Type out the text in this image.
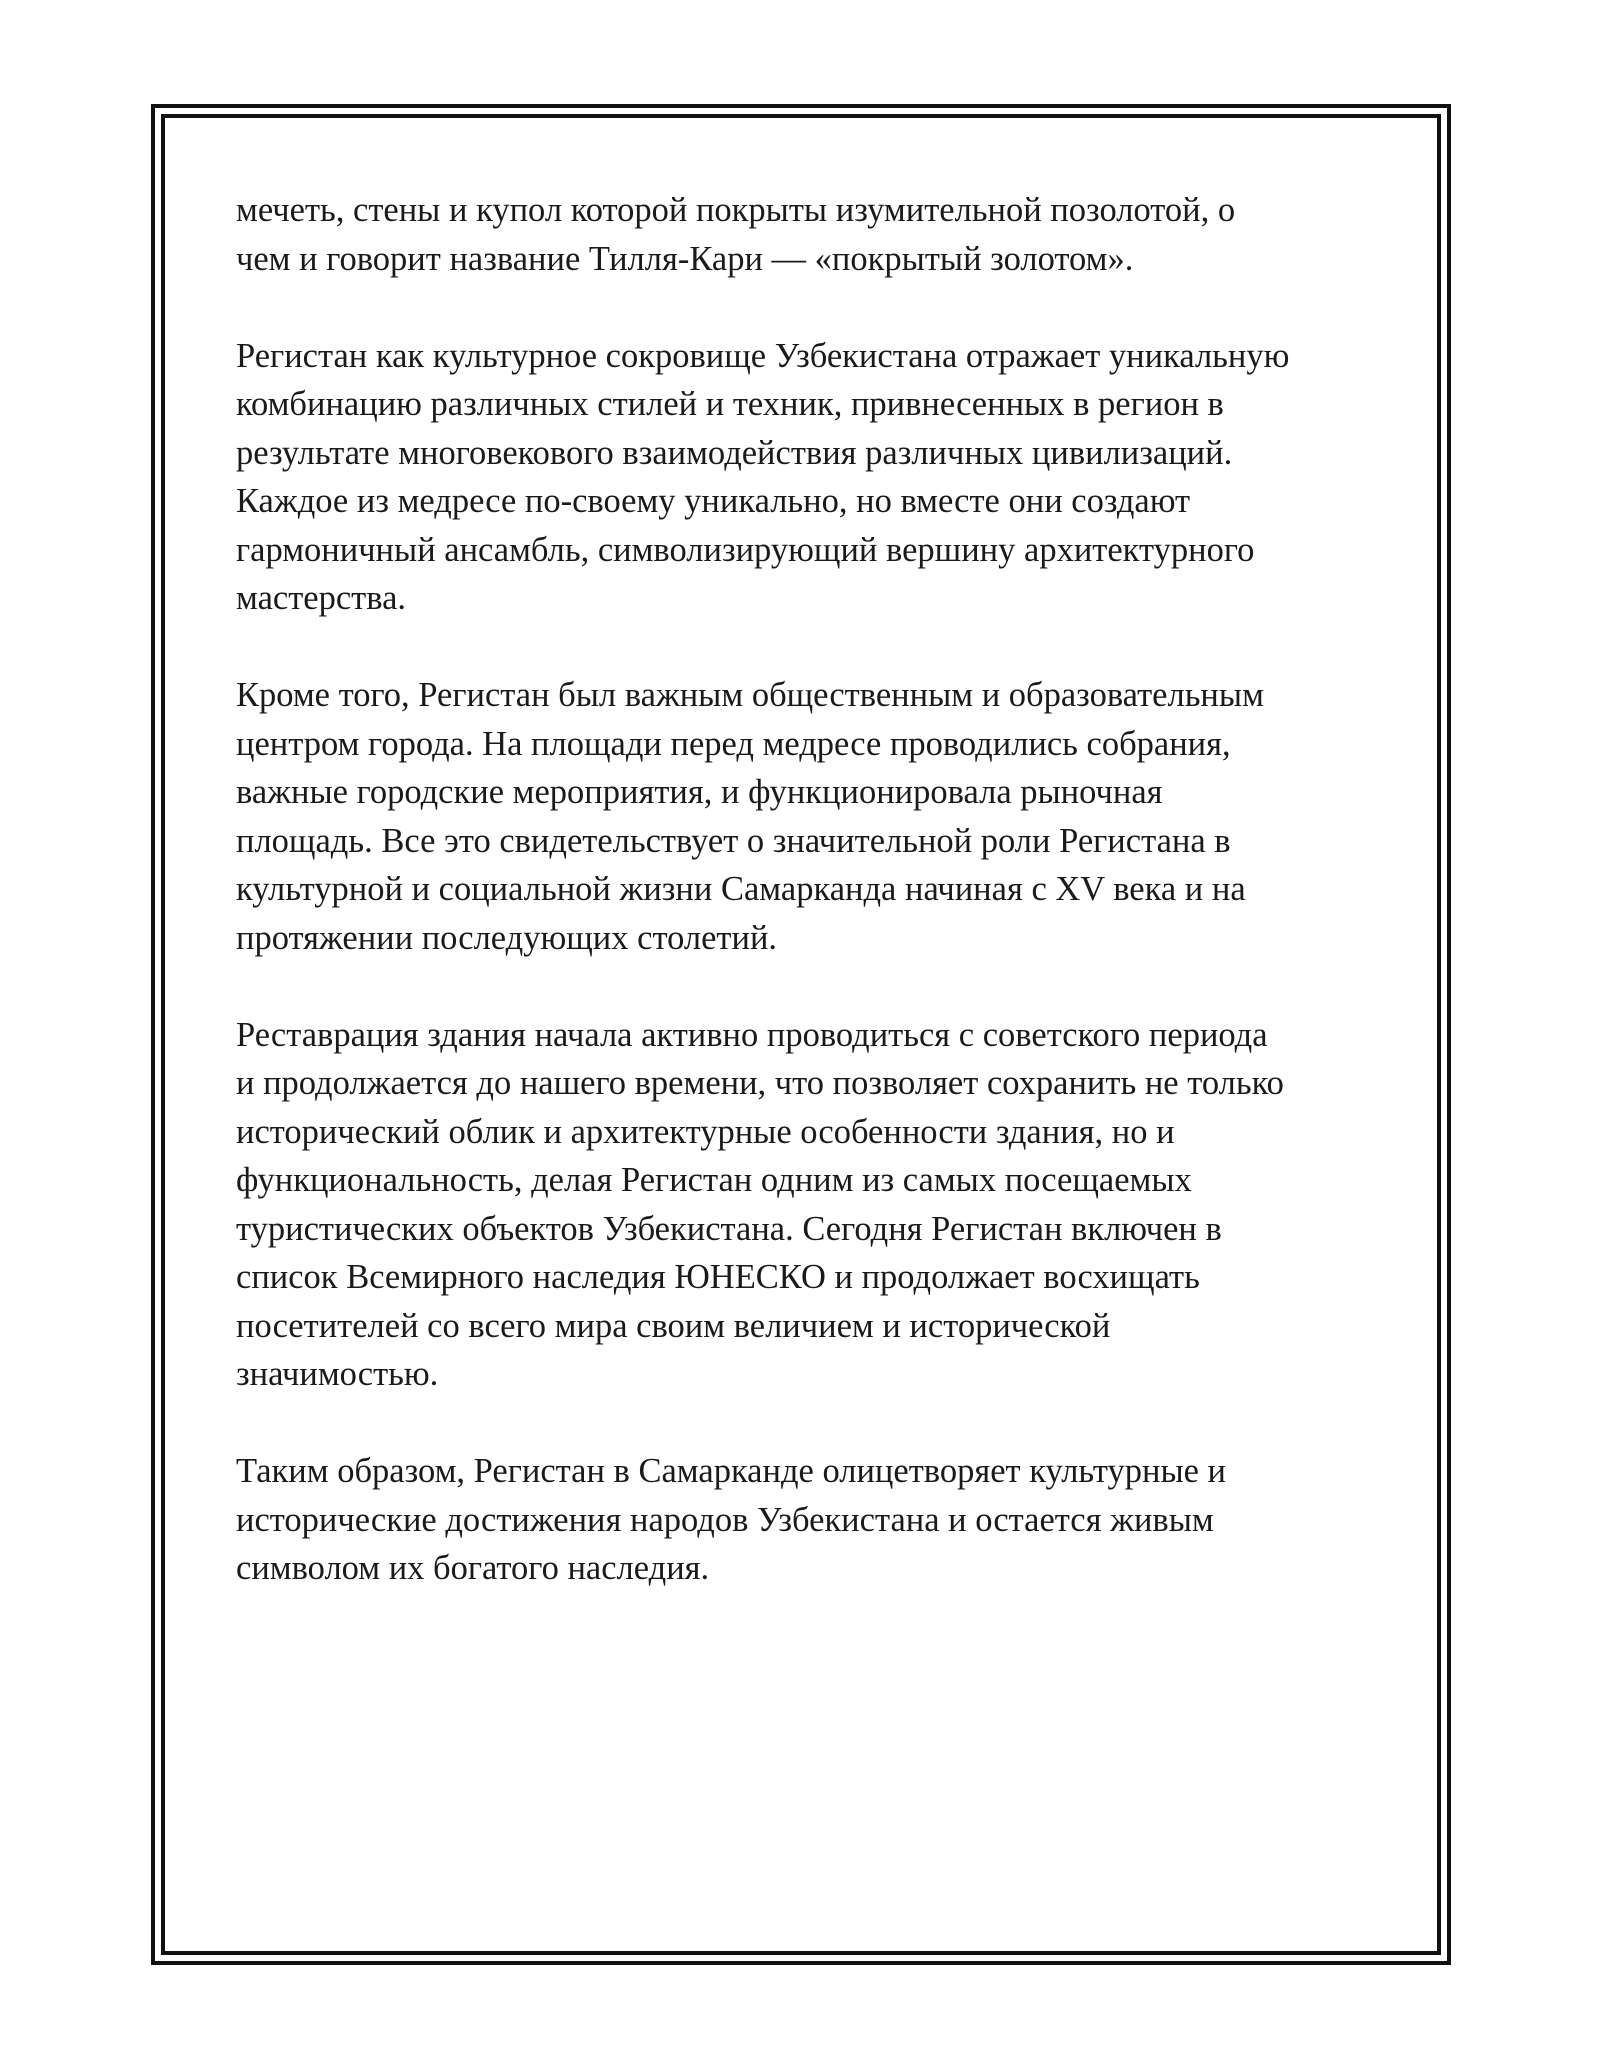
мечеть, стены и купол которой покрыты изумительной позолотой, о
чем и говорит название Тилля-Кари — «покрытый золотом».

Регистан как культурное сокровище Узбекистана отражает уникальную
комбинацию различных стилей и техник, привнесенных в регион в
результате многовекового взаимодействия различных цивилизаций.
Каждое из медресе по-своему уникально, но вместе они создают
гармоничный ансамбль, символизирующий вершину архитектурного
мастерства.

Кроме того, Регистан был важным общественным и образовательным
центром города. На площади перед медресе проводились собрания,
важные городские мероприятия, и функционировала рыночная
площадь. Все это свидетельствует о значительной роли Регистана в
культурной и социальной жизни Самарканда начиная с XV века и на
протяжении последующих столетий.

Реставрация здания начала активно проводиться с советского периода
и продолжается до нашего времени, что позволяет сохранить не только
исторический облик и архитектурные особенности здания, но и
функциональность, делая Регистан одним из самых посещаемых
туристических объектов Узбекистана. Сегодня Регистан включен в
список Всемирного наследия ЮНЕСКО и продолжает восхищать
посетителей со всего мира своим величием и исторической
значимостью.

Таким образом, Регистан в Самарканде олицетворяет культурные и
исторические достижения народов Узбекистана и остается живым
символом их богатого наследия.
